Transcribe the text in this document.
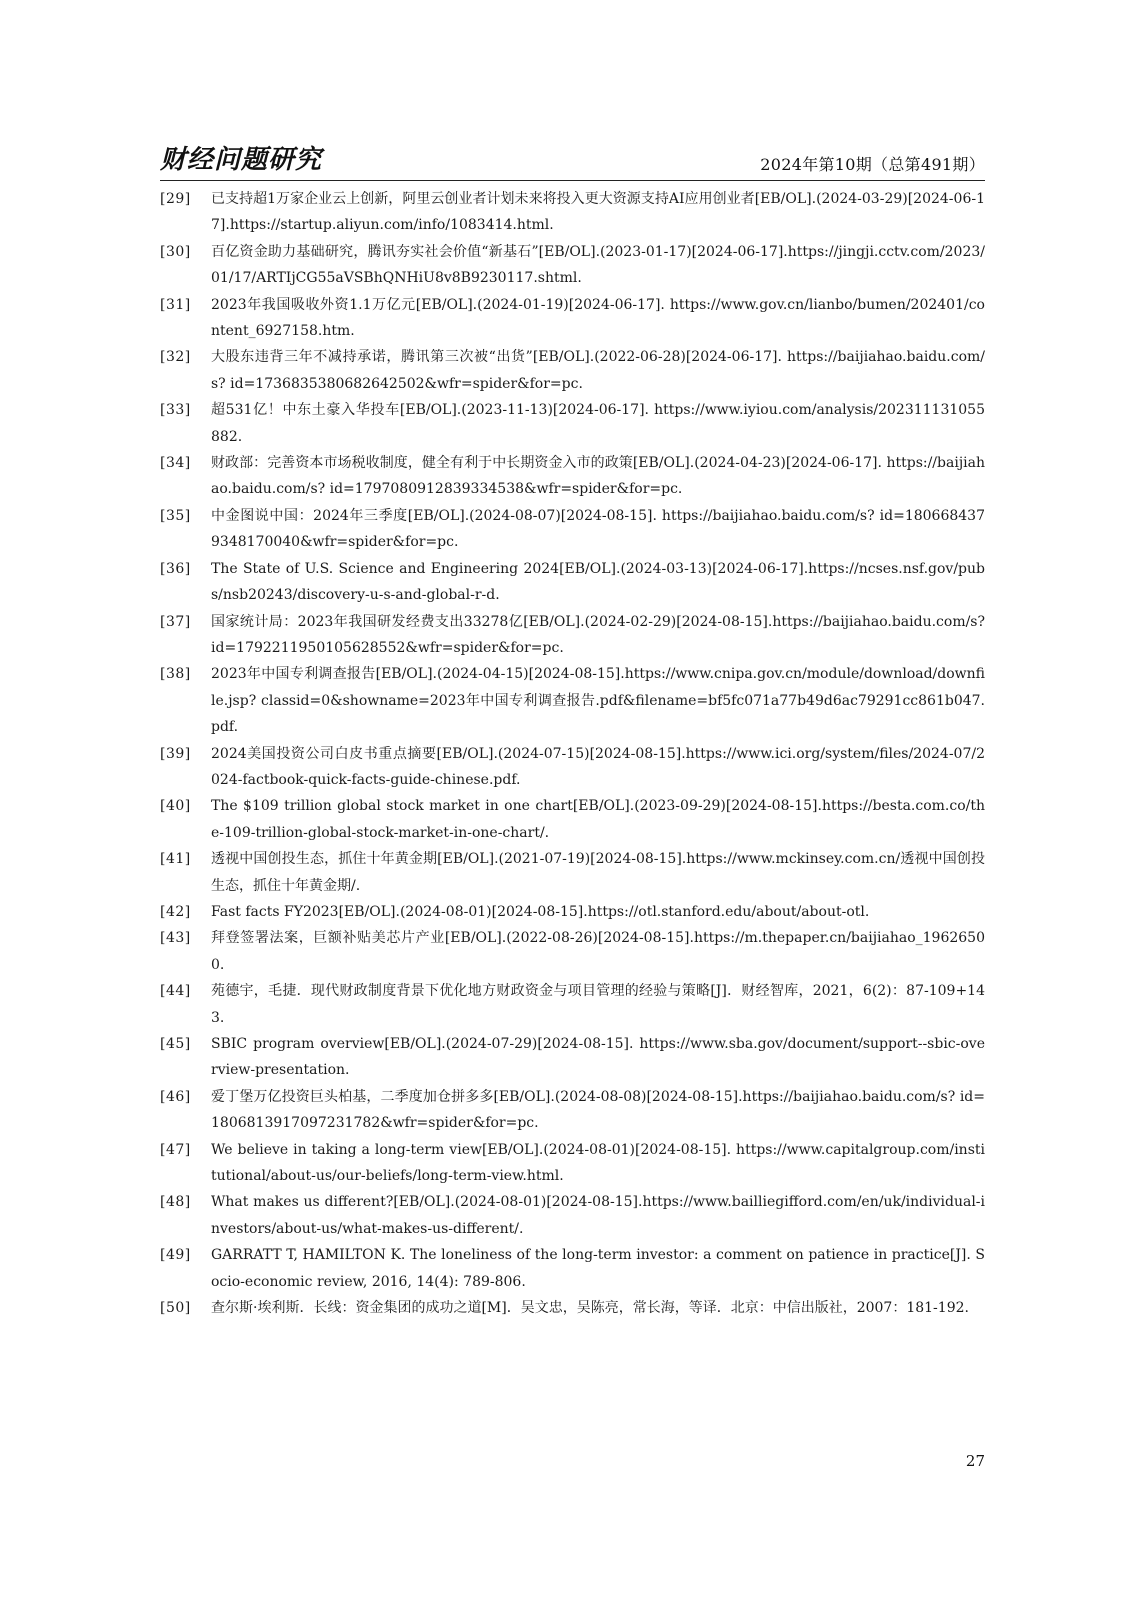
财经问题研究	2024年第10期（总第491期）
[29]	已支持超1万家企业云上创新，阿里云创业者计划未来将投入更大资源支持AI应用创业者[EB/OL].(2024-03-29)[2024-06-17].https://startup.aliyun.com/info/1083414.html.
[30]	百亿资金助力基础研究，腾讯夯实社会价值“新基石”[EB/OL].(2023-01-17)[2024-06-17].https://jingji.cctv.com/2023/01/17/ARTIjCG55aVSBhQNHiU8v8B9230117.shtml.
[31]	2023年我国吸收外资1.1万亿元[EB/OL].(2024-01-19)[2024-06-17]. https://www.gov.cn/lianbo/bumen/202401/content_6927158.htm.
[32]	大股东违背三年不减持承诺，腾讯第三次被“出货”[EB/OL].(2022-06-28)[2024-06-17]. https://baijiahao.baidu.com/s? id=1736835380682642502&wfr=spider&for=pc.
[33]	超531亿！中东土豪入华投车[EB/OL].(2023-11-13)[2024-06-17]. https://www.iyiou.com/analysis/202311131055882.
[34]	财政部：完善资本市场税收制度，健全有利于中长期资金入市的政策[EB/OL].(2024-04-23)[2024-06-17]. https://baijiahao.baidu.com/s? id=1797080912839334538&wfr=spider&for=pc.
[35]	中金图说中国：2024年三季度[EB/OL].(2024-08-07)[2024-08-15]. https://baijiahao.baidu.com/s? id=1806684379348170040&wfr=spider&for=pc.
[36]	The State of U.S. Science and Engineering 2024[EB/OL].(2024-03-13)[2024-06-17].https://ncses.nsf.gov/pubs/nsb20243/discovery-u-s-and-global-r-d.
[37]	国家统计局：2023年我国研发经费支出33278亿[EB/OL].(2024-02-29)[2024-08-15].https://baijiahao.baidu.com/s? id=1792211950105628552&wfr=spider&for=pc.
[38]	2023年中国专利调查报告[EB/OL].(2024-04-15)[2024-08-15].https://www.cnipa.gov.cn/module/download/downfile.jsp? classid=0&showname=2023年中国专利调查报告.pdf&filename=bf5fc071a77b49d6ac79291cc861b047.pdf.
[39]	2024美国投资公司白皮书重点摘要[EB/OL].(2024-07-15)[2024-08-15].https://www.ici.org/system/files/2024-07/2024-factbook-quick-facts-guide-chinese.pdf.
[40]	The $109 trillion global stock market in one chart[EB/OL].(2023-09-29)[2024-08-15].https://besta.com.co/the-109-trillion-global-stock-market-in-one-chart/.
[41]	透视中国创投生态，抓住十年黄金期[EB/OL].(2021-07-19)[2024-08-15].https://www.mckinsey.com.cn/透视中国创投生态，抓住十年黄金期/.
[42]	Fast facts FY2023[EB/OL].(2024-08-01)[2024-08-15].https://otl.stanford.edu/about/about-otl.
[43]	拜登签署法案，巨额补贴美芯片产业[EB/OL].(2022-08-26)[2024-08-15].https://m.thepaper.cn/baijiahao_19626500.
[44]	苑德宇，毛捷．现代财政制度背景下优化地方财政资金与项目管理的经验与策略[J]．财经智库，2021，6(2)：87-109+143.
[45]	SBIC program overview[EB/OL].(2024-07-29)[2024-08-15]. https://www.sba.gov/document/support--sbic-overview-presentation.
[46]	爱丁堡万亿投资巨头柏基，二季度加仓拼多多[EB/OL].(2024-08-08)[2024-08-15].https://baijiahao.baidu.com/s? id=1806813917097231782&wfr=spider&for=pc.
[47]	We believe in taking a long-term view[EB/OL].(2024-08-01)[2024-08-15]. https://www.capitalgroup.com/institutional/about-us/our-beliefs/long-term-view.html.
[48]	What makes us different?[EB/OL].(2024-08-01)[2024-08-15].https://www.bailliegifford.com/en/uk/individual-investors/about-us/what-makes-us-different/.
[49]	GARRATT T, HAMILTON K. The loneliness of the long-term investor: a comment on patience in practice[J]. Socio-economic review, 2016, 14(4): 789-806.
[50]	查尔斯·埃利斯．长线：资金集团的成功之道[M]．吴文忠，吴陈亮，常长海，等译．北京：中信出版社，2007：181-192.
27
